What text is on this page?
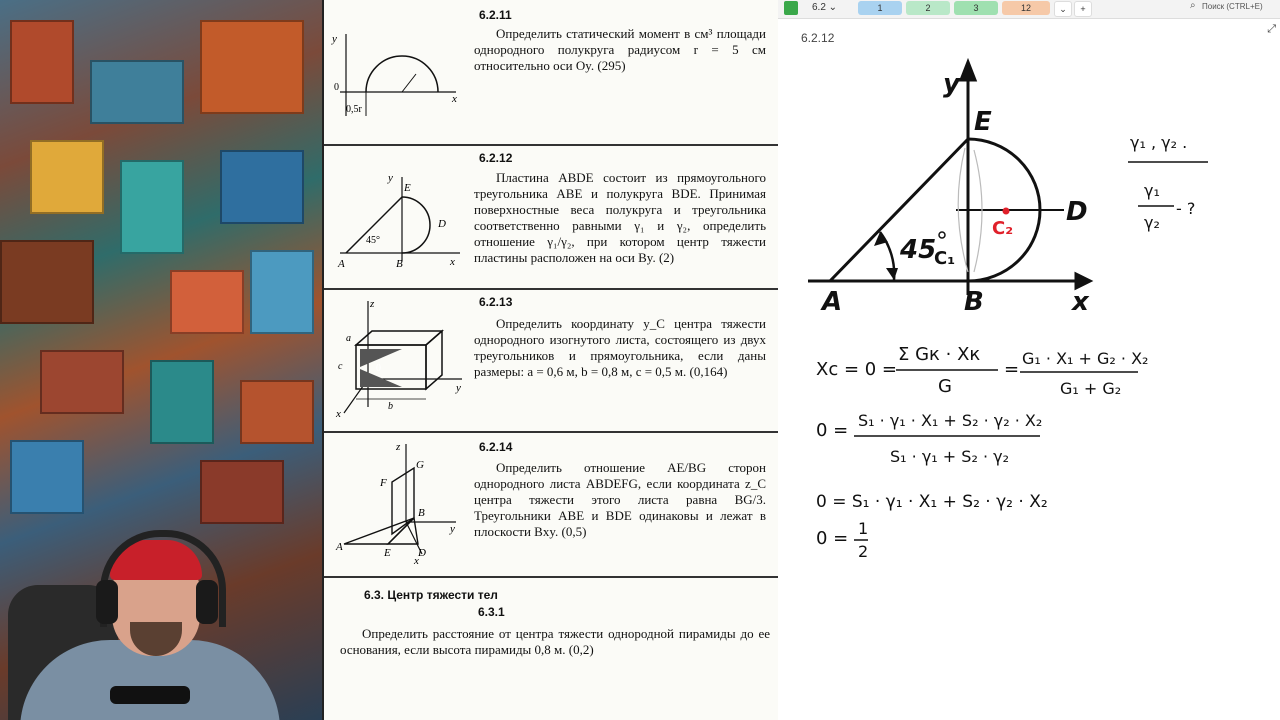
6.2.11
Определить статический момент в см³ площади однородного полукруга радиусом r = 5 см относительно оси Oy. (295)
y
0
0,5r
x
6.2.12
Пластина ABDE состоит из прямоугольного треугольника ABE и полукруга BDE. Принимая поверхностные веса полукруга и треугольника соответственно равными γ₁ и γ₂, определить отношение γ₁/γ₂, при котором центр тяжести пластины расположен на оси By. (2)
y
E
D
45°
A	B	x
6.2.13
Определить координату y_C центра тяжести однородного изогнутого листа, состоящего из двух треугольников и прямоугольника, если даны размеры: a = 0,6 м, b = 0,8 м, c = 0,5 м. (0,164)
z
a
c	0
y
x
b
6.2.14
Определить отношение AE/BG сторон однородного листа ABDEFG, если координата z_C центра тяжести этого листа равна BG/3. Треугольники ABE и BDE одинаковы и лежат в плоскости Bxy. (0,5)
z
G
F
B
y
A	E D
x
6.3. Центр тяжести тел
6.3.1
Определить расстояние от центра тяжести однородной пирамиды до ее основания, если высота пирамиды 0,8 м. (0,2)
6.2 ⌄	1	2	3	12	⌄	+	⌕ Поиск (CTRL+E)
⤢
6.2.12
y
E
D
A	B	x
45
C₁
C₂
γ₁ , γ₂ .
γ₁
γ₂
- ?
Xc = 0 =
Σ Gк · Xк
G
=
G₁ · X₁ + G₂ · X₂
G₁ + G₂
0 = S₁ · γ₁ · X₁ + S₂ · γ₂ · X₂
S₁ · γ₁ + S₂ · γ₂
0 = S₁ · γ₁ · X₁ + S₂ · γ₂ · X₂
0 = 1
2
